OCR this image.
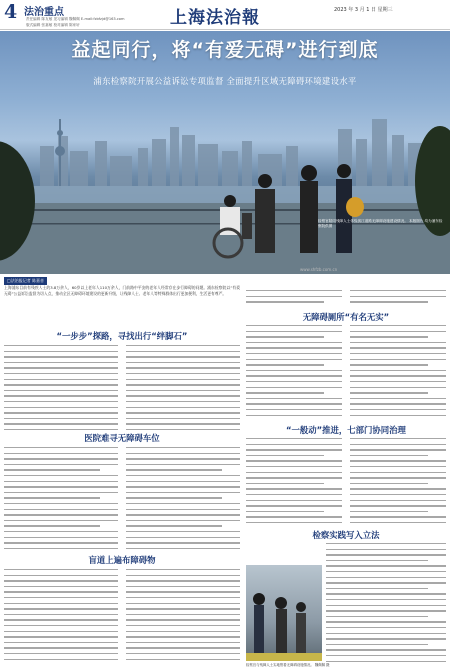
4 法治重点
责任编辑 陈友敏 见习编辑 魏佩佩 E-mail:fzbfzjd@163.com
版式编辑 张嘉敏 校对编辑 陈家轩	上海法治報	2023 年 3 月 1 日 星期三
益起同行，将“有爱无碍”进行到底
浦东检察院开展公益诉讼专项监督 全面提升区域无障碍环境建设水平
检察官陪同残障人士体验滨江道路无障碍设施建设情况。 本版图片 均为浦东检察院供图
www.shfzb.com.cn
□法治报记者 陈嘉音
上海浦东目前有残疾人士约3.8万余人，60岁以上老年人110万余人，门前路中平安的老年人经常存在步行障碍的问题。浦东检察院以“有爱无碍”公益诉讼监督为切入点，推动全区无障碍环境建设的更新升级，让残障人士、老年人等特殊群体出行更加便利，生活更有尊严。
“一步步”探路，寻找出行“绊脚石”
医院难寻无障碍车位
盲道上遍布障碍物
无障碍厕所“有名无实”
“一般动”推进，七部门协同治理
检察实践写入立法
检察官与残障人士实地察看无障碍设施情况。 魏佩佩 摄
